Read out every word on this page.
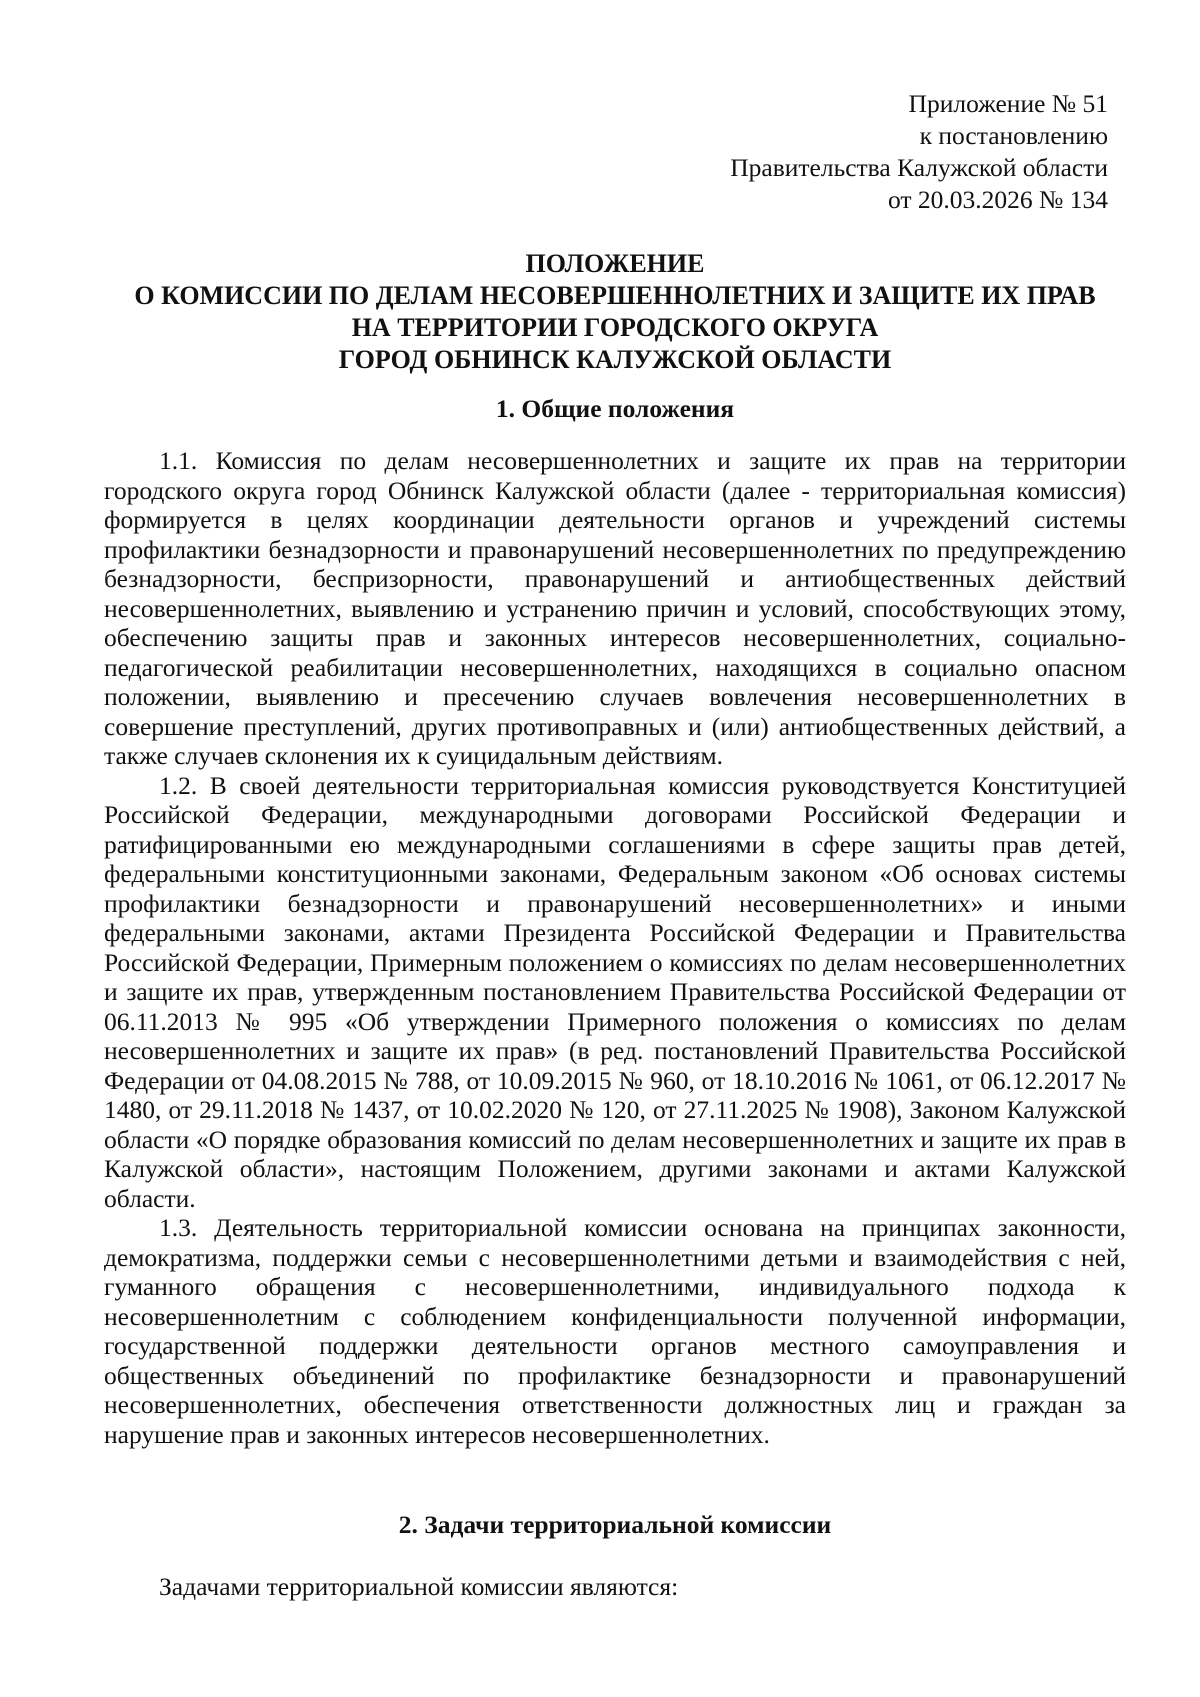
Приложение № 51
к постановлению
Правительства Калужской области
от 20.03.2026 № 134
ПОЛОЖЕНИЕ
О КОМИССИИ ПО ДЕЛАМ НЕСОВЕРШЕННОЛЕТНИХ И ЗАЩИТЕ ИХ ПРАВ
НА ТЕРРИТОРИИ ГОРОДСКОГО ОКРУГА
ГОРОД ОБНИНСК КАЛУЖСКОЙ ОБЛАСТИ
1. Общие положения

1.1. Комиссия по делам несовершеннолетних и защите их прав на территории городского округа город Обнинск Калужской области (далее - территориальная комиссия) формируется в целях координации деятельности органов и учреждений системы профилактики безнадзорности и правонарушений несовершеннолетних по предупреждению безнадзорности, беспризорности, правонарушений и антиобщественных действий несовершеннолетних, выявлению и устранению причин и условий, способствующих этому, обеспечению защиты прав и законных интересов несовершеннолетних, социально-педагогической реабилитации несовершеннолетних, находящихся в социально опасном положении, выявлению и пресечению случаев вовлечения несовершеннолетних в совершение преступлений, других противоправных и (или) антиобщественных действий, а также случаев склонения их к суицидальным действиям.

1.2. В своей деятельности территориальная комиссия руководствуется Конституцией Российской Федерации, международными договорами Российской Федерации и ратифицированными ею международными соглашениями в сфере защиты прав детей, федеральными конституционными законами, Федеральным законом «Об основах системы профилактики безнадзорности и правонарушений несовершеннолетних» и иными федеральными законами, актами Президента Российской Федерации и Правительства Российской Федерации, Примерным положением о комиссиях по делам несовершеннолетних и защите их прав, утвержденным постановлением Правительства Российской Федерации от 06.11.2013 № 995 «Об утверждении Примерного положения о комиссиях по делам несовершеннолетних и защите их прав» (в ред. постановлений Правительства Российской Федерации от 04.08.2015 № 788, от 10.09.2015 № 960, от 18.10.2016 № 1061, от 06.12.2017 № 1480, от 29.11.2018 № 1437, от 10.02.2020 № 120, от 27.11.2025 № 1908), Законом Калужской области «О порядке образования комиссий по делам несовершеннолетних и защите их прав в Калужской области», настоящим Положением, другими законами и актами Калужской области.

1.3. Деятельность территориальной комиссии основана на принципах законности, демократизма, поддержки семьи с несовершеннолетними детьми и взаимодействия с ней, гуманного обращения с несовершеннолетними, индивидуального подхода к несовершеннолетним с соблюдением конфиденциальности полученной информации, государственной поддержки деятельности органов местного самоуправления и общественных объединений по профилактике безнадзорности и правонарушений несовершеннолетних, обеспечения ответственности должностных лиц и граждан за нарушение прав и законных интересов несовершеннолетних.

2. Задачи территориальной комиссии

Задачами территориальной комиссии являются:
